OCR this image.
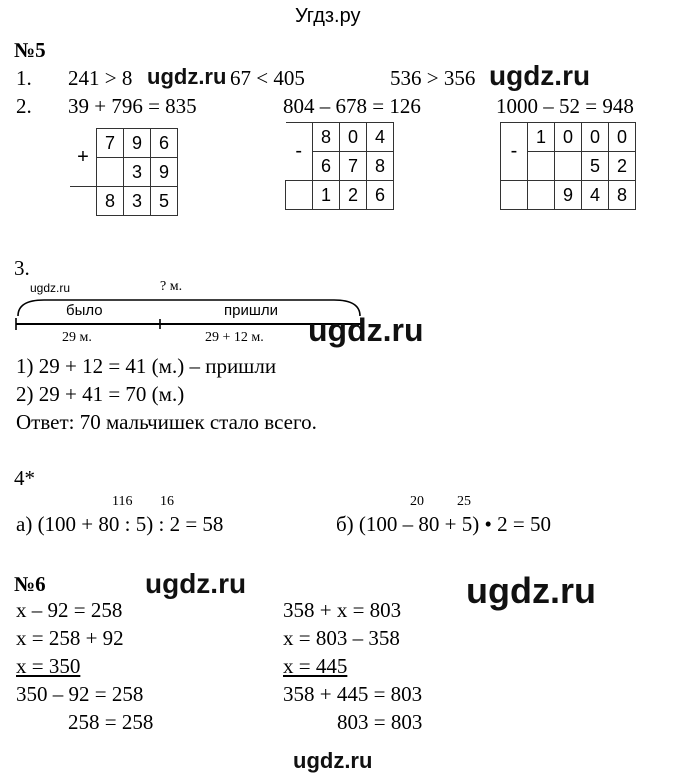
Угдз.ру
№5
1. 241 > 8	67 < 405	536 > 356
ugdz.ru	ugdz.ru
2. 39 + 796 = 835	804 – 678 = 126	1000 – 52 = 948
+	7	9	6
		3	9
	8	3	5
-	8	0	4
	6	7	8
	1	2	6
-	1	0	0	0
			5	2
		9	4	8
3.
ugdz.ru	? м.
было	пришли
29 м.	29 + 12 м. ugdz.ru
1) 29 + 12 = 41 (м.) – пришли
2) 29 + 41 = 70 (м.)
Ответ: 70 мальчишек стало всего.
4*
116 16
а) (100 + 80 : 5) : 2 = 58
20 25
б) (100 – 80 + 5) • 2 = 50
№6	ugdz.ru	ugdz.ru
x – 92 = 258
x = 258 + 92
x = 350
350 – 92 = 258
258 = 258
358 + x = 803
x = 803 – 358
x = 445
358 + 445 = 803
803 = 803
ugdz.ru
